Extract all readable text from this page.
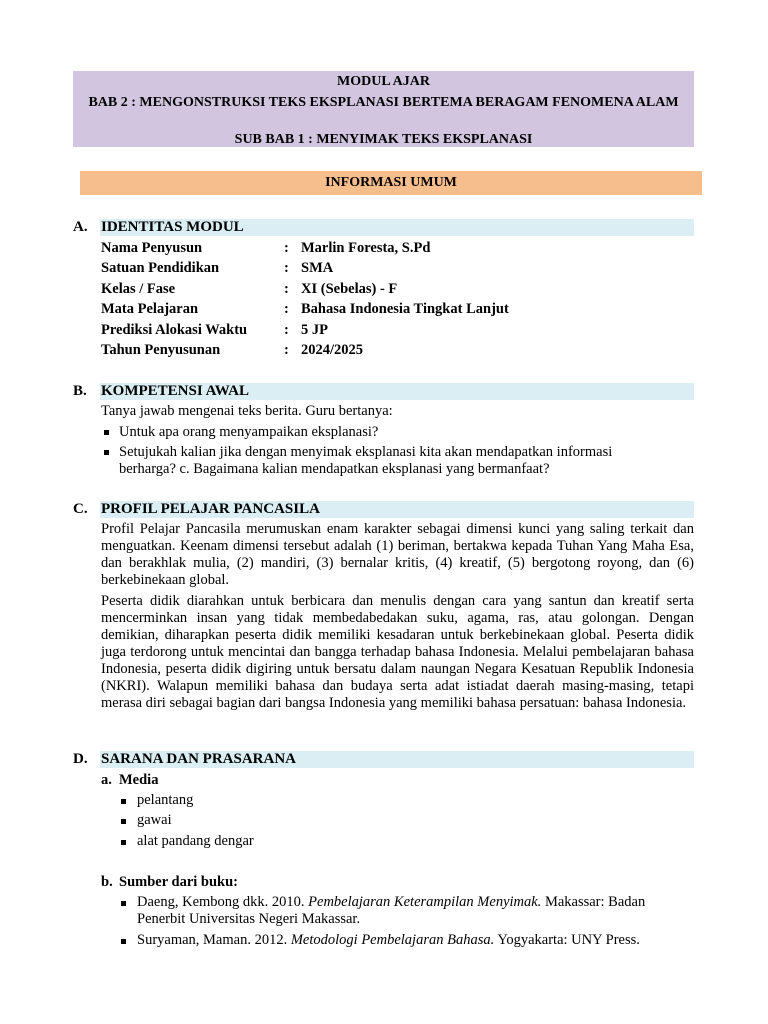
MODUL AJAR
BAB 2 : MENGONSTRUKSI TEKS EKSPLANASI BERTEMA BERAGAM FENOMENA ALAM
SUB BAB 1 : MENYIMAK TEKS EKSPLANASI
INFORMASI UMUM
A. IDENTITAS MODUL
Nama Penyusun	: Marlin Foresta, S.Pd
Satuan Pendidikan	: SMA
Kelas / Fase	: XI (Sebelas) - F
Mata Pelajaran	: Bahasa Indonesia Tingkat Lanjut
Prediksi Alokasi Waktu	: 5 JP
Tahun Penyusunan	: 2024/2025
B. KOMPETENSI AWAL
Tanya jawab mengenai teks berita. Guru bertanya:
Untuk apa orang menyampaikan eksplanasi?
Setujukah kalian jika dengan menyimak eksplanasi kita akan mendapatkan informasi berharga? c. Bagaimana kalian mendapatkan eksplanasi yang bermanfaat?
C. PROFIL PELAJAR PANCASILA
Profil Pelajar Pancasila merumuskan enam karakter sebagai dimensi kunci yang saling terkait dan menguatkan. Keenam dimensi tersebut adalah (1) beriman, bertakwa kepada Tuhan Yang Maha Esa, dan berakhlak mulia, (2) mandiri, (3) bernalar kritis, (4) kreatif, (5) bergotong royong, dan (6) berkebinekaan global.
Peserta didik diarahkan untuk berbicara dan menulis dengan cara yang santun dan kreatif serta mencerminkan insan yang tidak membedabedakan suku, agama, ras, atau golongan. Dengan demikian, diharapkan peserta didik memiliki kesadaran untuk berkebinekaan global. Peserta didik juga terdorong untuk mencintai dan bangga terhadap bahasa Indonesia. Melalui pembelajaran bahasa Indonesia, peserta didik digiring untuk bersatu dalam naungan Negara Kesatuan Republik Indonesia (NKRI). Walapun memiliki bahasa dan budaya serta adat istiadat daerah masing-masing, tetapi merasa diri sebagai bagian dari bangsa Indonesia yang memiliki bahasa persatuan: bahasa Indonesia.
D. SARANA DAN PRASARANA
a. Media
pelantang
gawai
alat pandang dengar
b. Sumber dari buku:
Daeng, Kembong dkk. 2010. Pembelajaran Keterampilan Menyimak. Makassar: Badan Penerbit Universitas Negeri Makassar.
Suryaman, Maman. 2012. Metodologi Pembelajaran Bahasa. Yogyakarta: UNY Press.
